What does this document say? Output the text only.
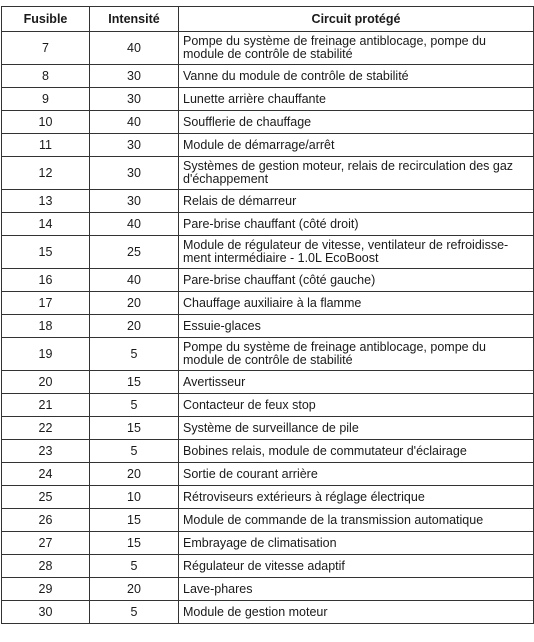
Fusible	Intensité	Circuit protégé
7	40	Pompe du système de freinage antiblocage, pompe du module de contrôle de stabilité
8	30	Vanne du module de contrôle de stabilité
9	30	Lunette arrière chauffante
10	40	Soufflerie de chauffage
11	30	Module de démarrage/arrêt
12	30	Systèmes de gestion moteur, relais de recirculation des gaz d'échappement
13	30	Relais de démarreur
14	40	Pare-brise chauffant (côté droit)
15	25	Module de régulateur de vitesse, ventilateur de refroidisse-ment intermédiaire - 1.0L EcoBoost
16	40	Pare-brise chauffant (côté gauche)
17	20	Chauffage auxiliaire à la flamme
18	20	Essuie-glaces
19	5	Pompe du système de freinage antiblocage, pompe du module de contrôle de stabilité
20	15	Avertisseur
21	5	Contacteur de feux stop
22	15	Système de surveillance de pile
23	5	Bobines relais, module de commutateur d'éclairage
24	20	Sortie de courant arrière
25	10	Rétroviseurs extérieurs à réglage électrique
26	15	Module de commande de la transmission automatique
27	15	Embrayage de climatisation
28	5	Régulateur de vitesse adaptif
29	20	Lave-phares
30	5	Module de gestion moteur
